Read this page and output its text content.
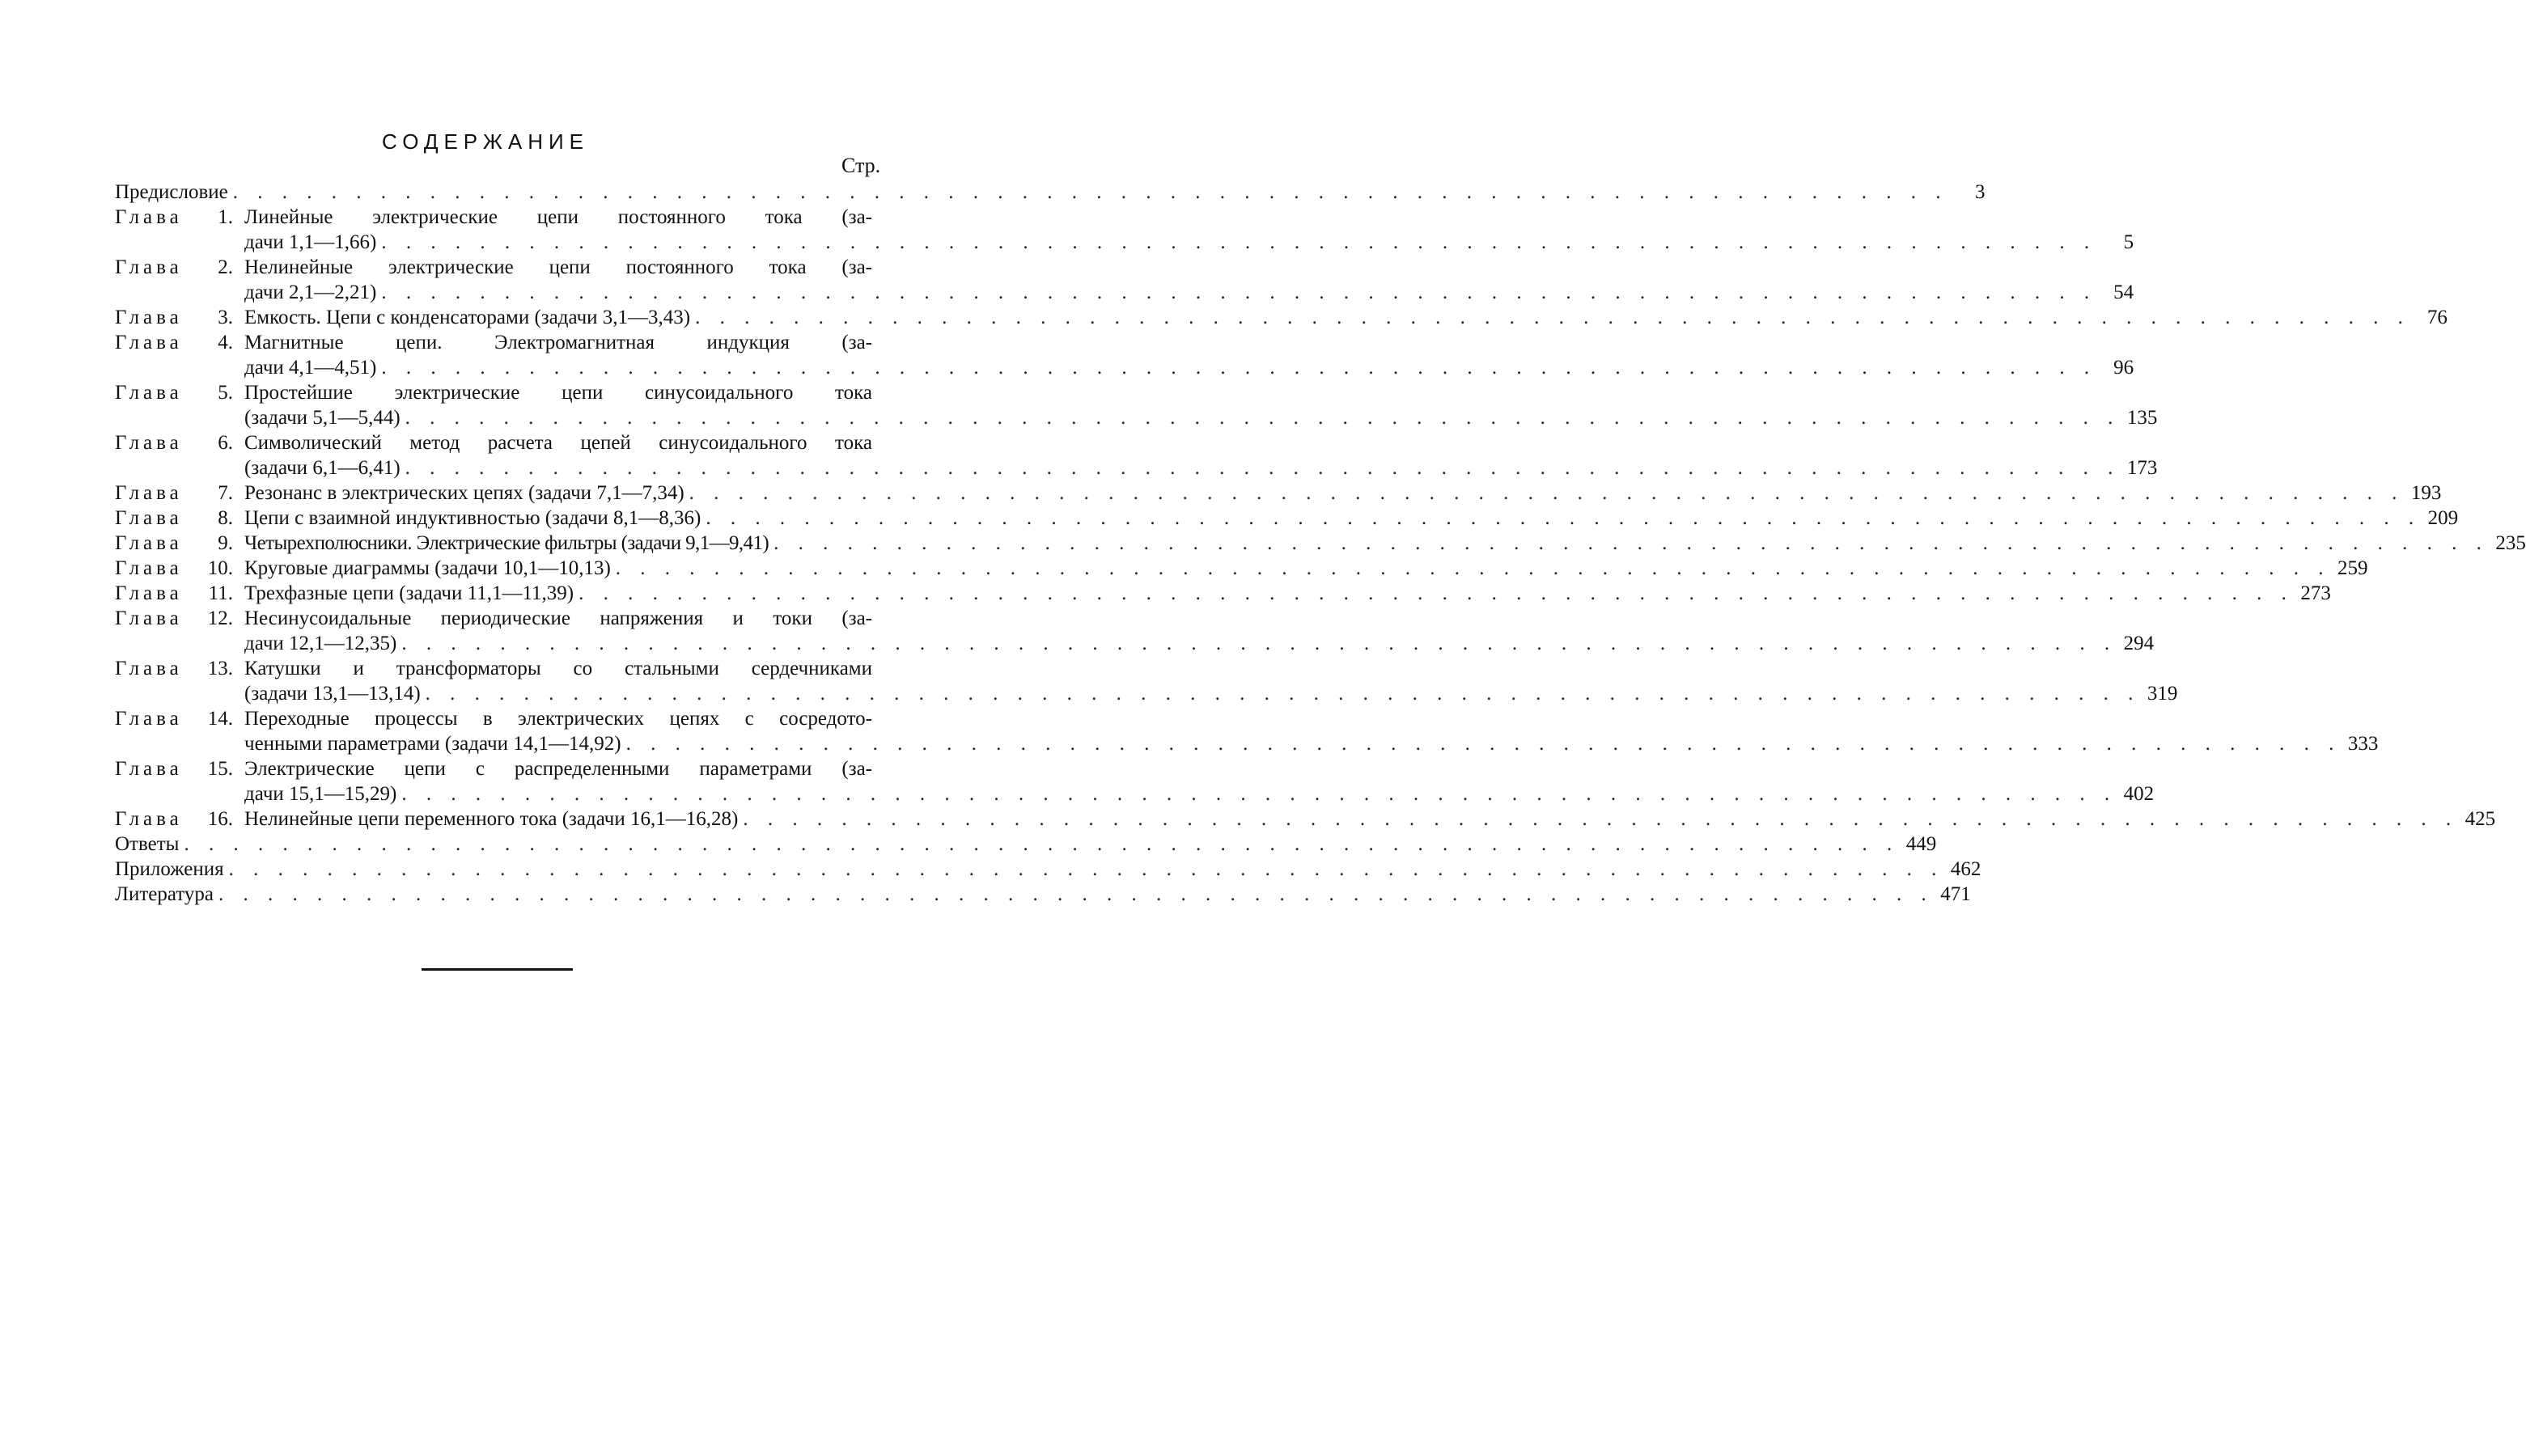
СОДЕРЖАНИЕ
Стр.
Предисловие . . .	3
Глава	1. Линейные электрические цепи постоянного тока (за-
дачи 1,1—1,66) . . .	5
Глава	2. Нелинейные электрические цепи постоянного тока (за-
дачи 2,1—2,21) . . .	54
Глава	3. Емкость. Цепи с конденсаторами (задачи 3,1—3,43) . . .	76
Глава	4. Магнитные цепи. Электромагнитная индукция (за-
дачи 4,1—4,51) . . .	96
Глава	5. Простейшие электрические цепи синусоидального тока
(задачи 5,1—5,44) . . .	135
Глава	6. Символический метод расчета цепей синусоидального тока
(задачи 6,1—6,41) . . .	173
Глава	7. Резонанс в электрических цепях (задачи 7,1—7,34) . . .	193
Глава	8. Цепи с взаимной индуктивностью (задачи 8,1—8,36) . . .	209
Глава	9. Четырехполюсники. Электрические фильтры (задачи 9,1—9,41) . . .	235
Глава	10. Круговые диаграммы (задачи 10,1—10,13) . . .	259
Глава	11. Трехфазные цепи (задачи 11,1—11,39) . . .	273
Глава	12. Несинусоидальные периодические напряжения и токи (за-
дачи 12,1—12,35) . . .	294
Глава	13. Катушки и трансформаторы со стальными сердечниками
(задачи 13,1—13,14) . . .	319
Глава	14. Переходные процессы в электрических цепях с сосредото-
ченными параметрами (задачи 14,1—14,92) . . .	333
Глава	15. Электрические цепи с распределенными параметрами (за-
дачи 15,1—15,29) . . .	402
Глава	16. Нелинейные цепи переменного тока (задачи 16,1—16,28) . . .	425
Ответы . . .	449
Приложения . . .	462
Литература . . .	471
